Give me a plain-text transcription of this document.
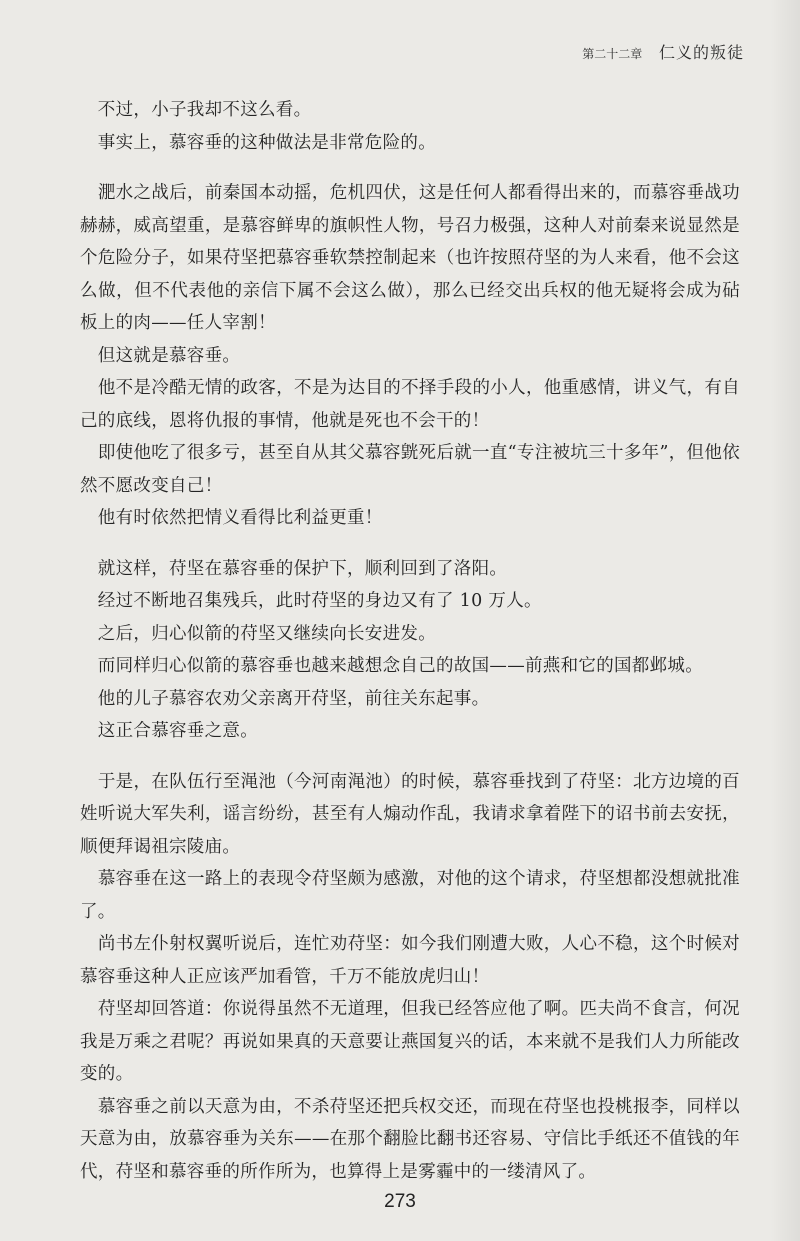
第二十二章 仁义的叛徒

　不过，小子我却不这么看。

　事实上，慕容垂的这种做法是非常危险的。

　淝水之战后，前秦国本动摇，危机四伏，这是任何人都看得出来的，而慕容垂战功赫赫，威高望重，是慕容鲜卑的旗帜性人物，号召力极强，这种人对前秦来说显然是个危险分子，如果苻坚把慕容垂软禁控制起来（也许按照苻坚的为人来看，他不会这么做，但不代表他的亲信下属不会这么做），那么已经交出兵权的他无疑将会成为砧板上的肉——任人宰割！

　但这就是慕容垂。

　他不是冷酷无情的政客，不是为达目的不择手段的小人，他重感情，讲义气，有自己的底线，恩将仇报的事情，他就是死也不会干的！

　即使他吃了很多亏，甚至自从其父慕容皝死后就一直“专注被坑三十多年”，但他依然不愿改变自己！

　他有时依然把情义看得比利益更重！

　就这样，苻坚在慕容垂的保护下，顺利回到了洛阳。

　经过不断地召集残兵，此时苻坚的身边又有了 10 万人。

　之后，归心似箭的苻坚又继续向长安进发。

　而同样归心似箭的慕容垂也越来越想念自己的故国——前燕和它的国都邺城。

　他的儿子慕容农劝父亲离开苻坚，前往关东起事。

　这正合慕容垂之意。

　于是，在队伍行至渑池（今河南渑池）的时候，慕容垂找到了苻坚：北方边境的百姓听说大军失利，谣言纷纷，甚至有人煽动作乱，我请求拿着陛下的诏书前去安抚，顺便拜谒祖宗陵庙。

　慕容垂在这一路上的表现令苻坚颇为感激，对他的这个请求，苻坚想都没想就批准了。

　尚书左仆射权翼听说后，连忙劝苻坚：如今我们刚遭大败，人心不稳，这个时候对慕容垂这种人正应该严加看管，千万不能放虎归山！

　苻坚却回答道：你说得虽然不无道理，但我已经答应他了啊。匹夫尚不食言，何况我是万乘之君呢？再说如果真的天意要让燕国复兴的话，本来就不是我们人力所能改变的。

　慕容垂之前以天意为由，不杀苻坚还把兵权交还，而现在苻坚也投桃报李，同样以天意为由，放慕容垂为关东——在那个翻脸比翻书还容易、守信比手纸还不值钱的年代，苻坚和慕容垂的所作所为，也算得上是雾霾中的一缕清风了。

273
